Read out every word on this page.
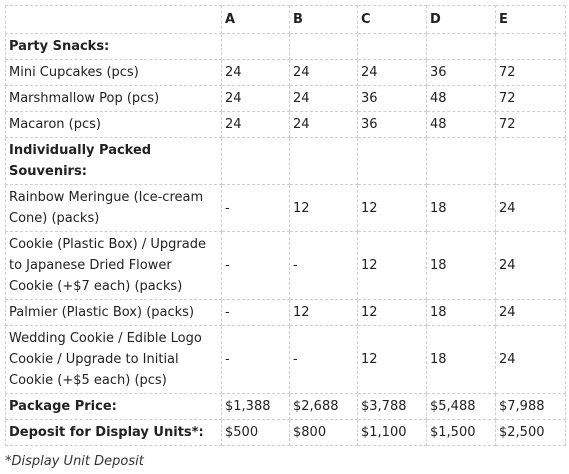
	A	B	C	D	E
Party Snacks:					
Mini Cupcakes (pcs)	24	24	24	36	72
Marshmallow Pop (pcs)	24	24	36	48	72
Macaron (pcs)	24	24	36	48	72
Individually Packed Souvenirs:					
Rainbow Meringue (Ice-cream Cone) (packs)	-	12	12	18	24
Cookie (Plastic Box) / Upgrade to Japanese Dried Flower Cookie (+$7 each) (packs)	-	-	12	18	24
Palmier (Plastic Box) (packs)	-	12	12	18	24
Wedding Cookie / Edible Logo Cookie / Upgrade to Initial Cookie (+$5 each) (pcs)	-	-	12	18	24
Package Price:	$1,388	$2,688	$3,788	$5,488	$7,988
Deposit for Display Units*:	$500	$800	$1,100	$1,500	$2,500
*Display Unit Deposit
